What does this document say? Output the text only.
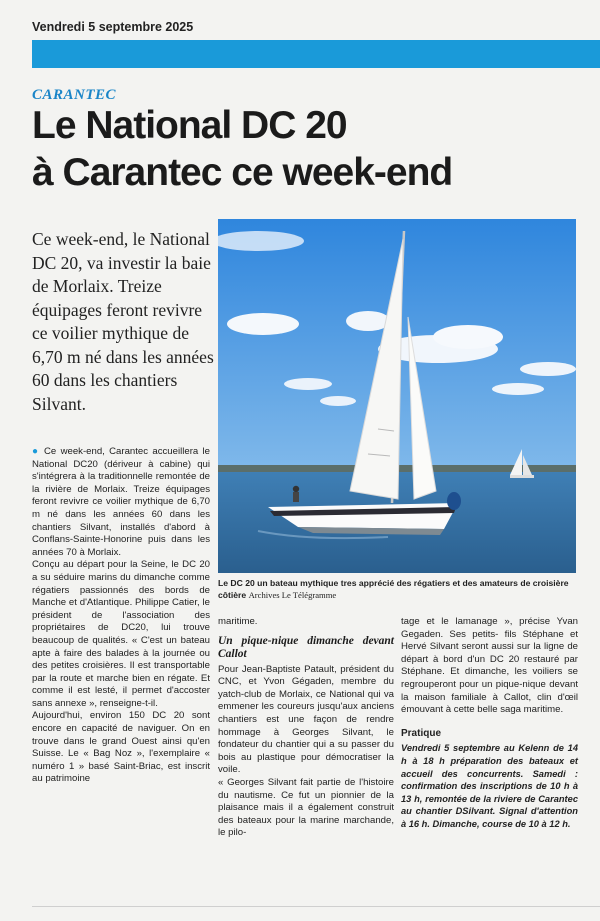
Vendredi 5 septembre 2025
CARANTEC
Le National DC 20
à Carantec ce week-end
Ce week-end, le National DC 20, va investir la baie de Morlaix. Treize équipages feront revivre ce voilier mythique de 6,70 m né dans les années 60 dans les chantiers Silvant.
Le DC 20 un bateau mythique tres apprécié des régatiers et des amateurs de croisière côtière Archives Le Télégramme

● Ce week-end, Carantec accueillera le National DC20 (dériveur à cabine) qui s'intégrera à la traditionnelle remontée de la rivière de Morlaix. Treize équipages feront revivre ce voilier mythique de 6,70 m né dans les années 60 dans les chantiers Silvant, installés d'abord à Conflans-Sainte-Honorine puis dans les années 70 à Morlaix.

Conçu au départ pour la Seine, le DC 20 a su séduire marins du dimanche comme régatiers passionnés des bords de Manche et d'Atlantique. Philippe Catier, le président de l'association des propriétaires de DC20, lui trouve beaucoup de qualités. « C'est un bateau apte à faire des balades à la journée ou des petites croisières. Il est transportable par la route et marche bien en régate. Et comme il est lesté, il permet d'accoster sans annexe », renseigne-t-il.

Aujourd'hui, environ 150 DC 20 sont encore en capacité de naviguer. On en trouve dans le grand Ouest ainsi qu'en Suisse. Le « Bag Noz », l'exemplaire « numéro 1 » basé Saint-Briac, est inscrit au patrimoine

maritime.

Un pique-nique dimanche devant Callot

Pour Jean-Baptiste Patault, président du CNC, et Yvon Gégaden, membre du yatch-club de Morlaix, ce National qui va emmener les coureurs jusqu'aux anciens chantiers est une façon de rendre hommage à Georges Silvant, le fondateur du chantier qui a su passer du bois au plastique pour démocratiser la voile.

« Georges Silvant fait partie de l'histoire du nautisme. Ce fut un pionnier de la plaisance mais il a également construit des bateaux pour la marine marchande, le pilo-

tage et le lamanage », précise Yvan Gegaden. Ses petits- fils Stéphane et Hervé Silvant seront aussi sur la ligne de départ à bord d'un DC 20 restauré par Stéphane. Et dimanche, les voiliers se regrouperont pour un pique-nique devant la maison familiale à Callot, clin d'œil émouvant à cette belle saga maritime.

Pratique

Vendredi 5 septembre au Kelenn de 14 h à 18 h préparation des bateaux et accueil des concurrents. Samedi : confirmation des inscriptions de 10 h à 13 h, remontée de la riviere de Carantec au chantier DSilvant. Signal d'attention à 16 h. Dimanche, course de 10 à 12 h.
